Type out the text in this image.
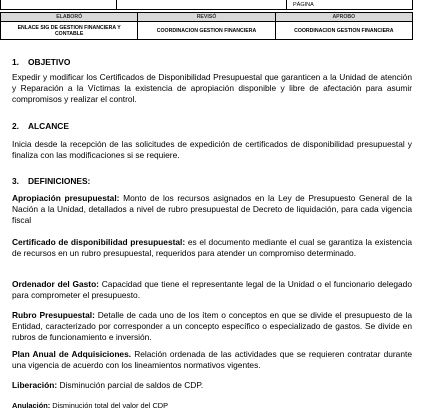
PÁGINA
ELABORÓ	REVISÓ	APROBO
ENLACE SIG DE GESTION FINANCIERA Y CONTABLE	COORDINACION GESTION FINANCIERA	COORDINACION GESTION FINANCIERA
1. OBJETIVO
Expedir y modificar los Certificados de Disponibilidad Presupuestal que garanticen a la Unidad de atención y Reparación a la Víctimas la existencia de apropiación disponible y libre de afectación para asumir compromisos y realizar el control.
2. ALCANCE
Inicia desde la recepción de las solicitudes de expedición de certificados de disponibilidad presupuestal y finaliza con las modificaciones si se requiere.
3. DEFINICIONES:
Apropiación presupuestal: Monto de los recursos asignados en la Ley de Presupuesto General de la Nación a la Unidad, detallados a nivel de rubro presupuestal de Decreto de liquidación, para cada vigencia fiscal
Certificado de disponibilidad presupuestal: es el documento mediante el cual se garantiza la existencia de recursos en un rubro presupuestal, requeridos para atender un compromiso determinado.
Ordenador del Gasto: Capacidad que tiene el representante legal de la Unidad o el funcionario delegado para comprometer el presupuesto.
Rubro Presupuestal: Detalle de cada uno de los ítem o conceptos en que se divide el presupuesto de la Entidad, caracterizado por corresponder a un concepto específico o especializado de gastos. Se divide en rubros de funcionamiento e inversión.
Plan Anual de Adquisiciones. Relación ordenada de las actividades que se requieren contratar durante una vigencia de acuerdo con los lineamientos normativos vigentes.
Liberación: Disminución parcial de saldos de CDP.
Anulación: Disminución total del valor del CDP
